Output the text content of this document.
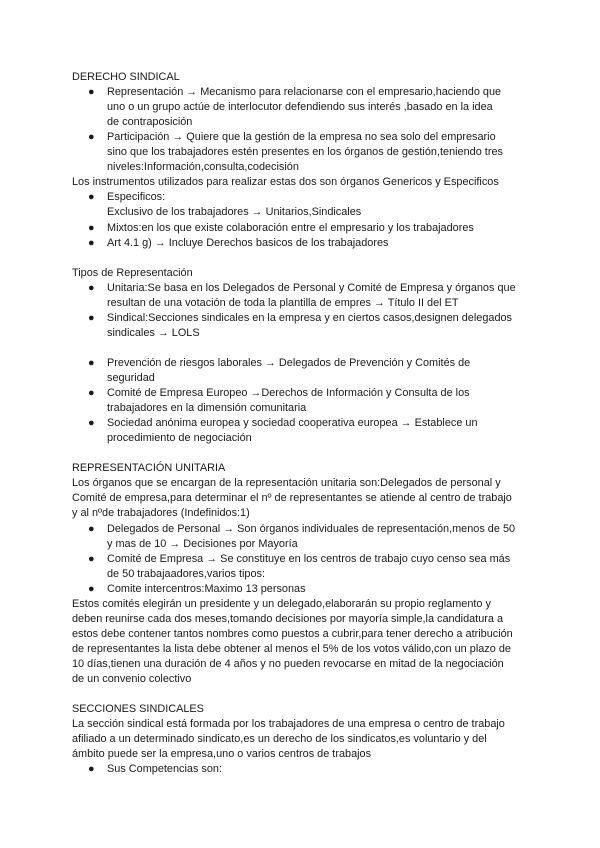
DERECHO SINDICAL
●	Representación → Mecanismo para relacionarse con el empresario,haciendo que
uno o un grupo actúe de interlocutor defendiendo sus interés ,basado en la idea
de contraposición
●	Participación → Quiere que la gestión de la empresa no sea solo del empresario
sino que los trabajadores estén presentes en los órganos de gestión,teniendo tres
niveles:Información,consulta,codecisión
Los instrumentos utilizados para realizar estas dos son órganos Genericos y Especificos
●	Especificos:
Exclusivo de los trabajadores → Unitarios,Sindicales
●	Mixtos:en los que existe colaboración entre el empresario y los trabajadores
●	Art 4.1 g) → Incluye Derechos basicos de los trabajadores
Tipos de Representación
●	Unitaria:Se basa en los Delegados de Personal y Comité de Empresa y órganos que
resultan de una votación de toda la plantilla de empres → Título II del ET
●	Sindical:Secciones sindicales en la empresa y en ciertos casos,designen delegados
sindicales → LOLS
●	Prevención de riesgos laborales → Delegados de Prevención y Comités de
seguridad
●	Comité de Empresa Europeo →Derechos de Información y Consulta de los
trabajadores en la dimensión comunitaria
●	Sociedad anónima europea y sociedad cooperativa europea → Establece un
procedimiento de negociación
REPRESENTACIÓN UNITARIA
Los órganos que se encargan de la representación unitaria son:Delegados de personal y
Comité de empresa,para determinar el nº de representantes se atiende al centro de trabajo
y al nºde trabajadores (Indefinidos:1)
●	Delegados de Personal → Son órganos individuales de representación,menos de 50
y mas de 10 → Decisiones por Mayoría
●	Comité de Empresa → Se constituye en los centros de trabajo cuyo censo sea más
de 50 trabajaadores,varios tipos:
●	Comite intercentros:Maximo 13 personas
Estos comités elegirán un presidente y un delegado,elaborarán su propio reglamento y
deben reunirse cada dos meses,tomando decisiones por mayoría simple,la candidatura a
estos debe contener tantos nombres como puestos a cubrir,para tener derecho a atribución
de representantes la lista debe obtener al menos el 5% de los votos válido,con un plazo de
10 días,tienen una duración de 4 años y no pueden revocarse en mitad de la negociación
de un convenio colectivo
SECCIONES SINDICALES
La sección sindical está formada por los trabajadores de una empresa o centro de trabajo
afiliado a un determinado sindicato,es un derecho de los sindicatos,es voluntario y del
ámbito puede ser la empresa,uno o varios centros de trabajos
●	Sus Competencias son:
